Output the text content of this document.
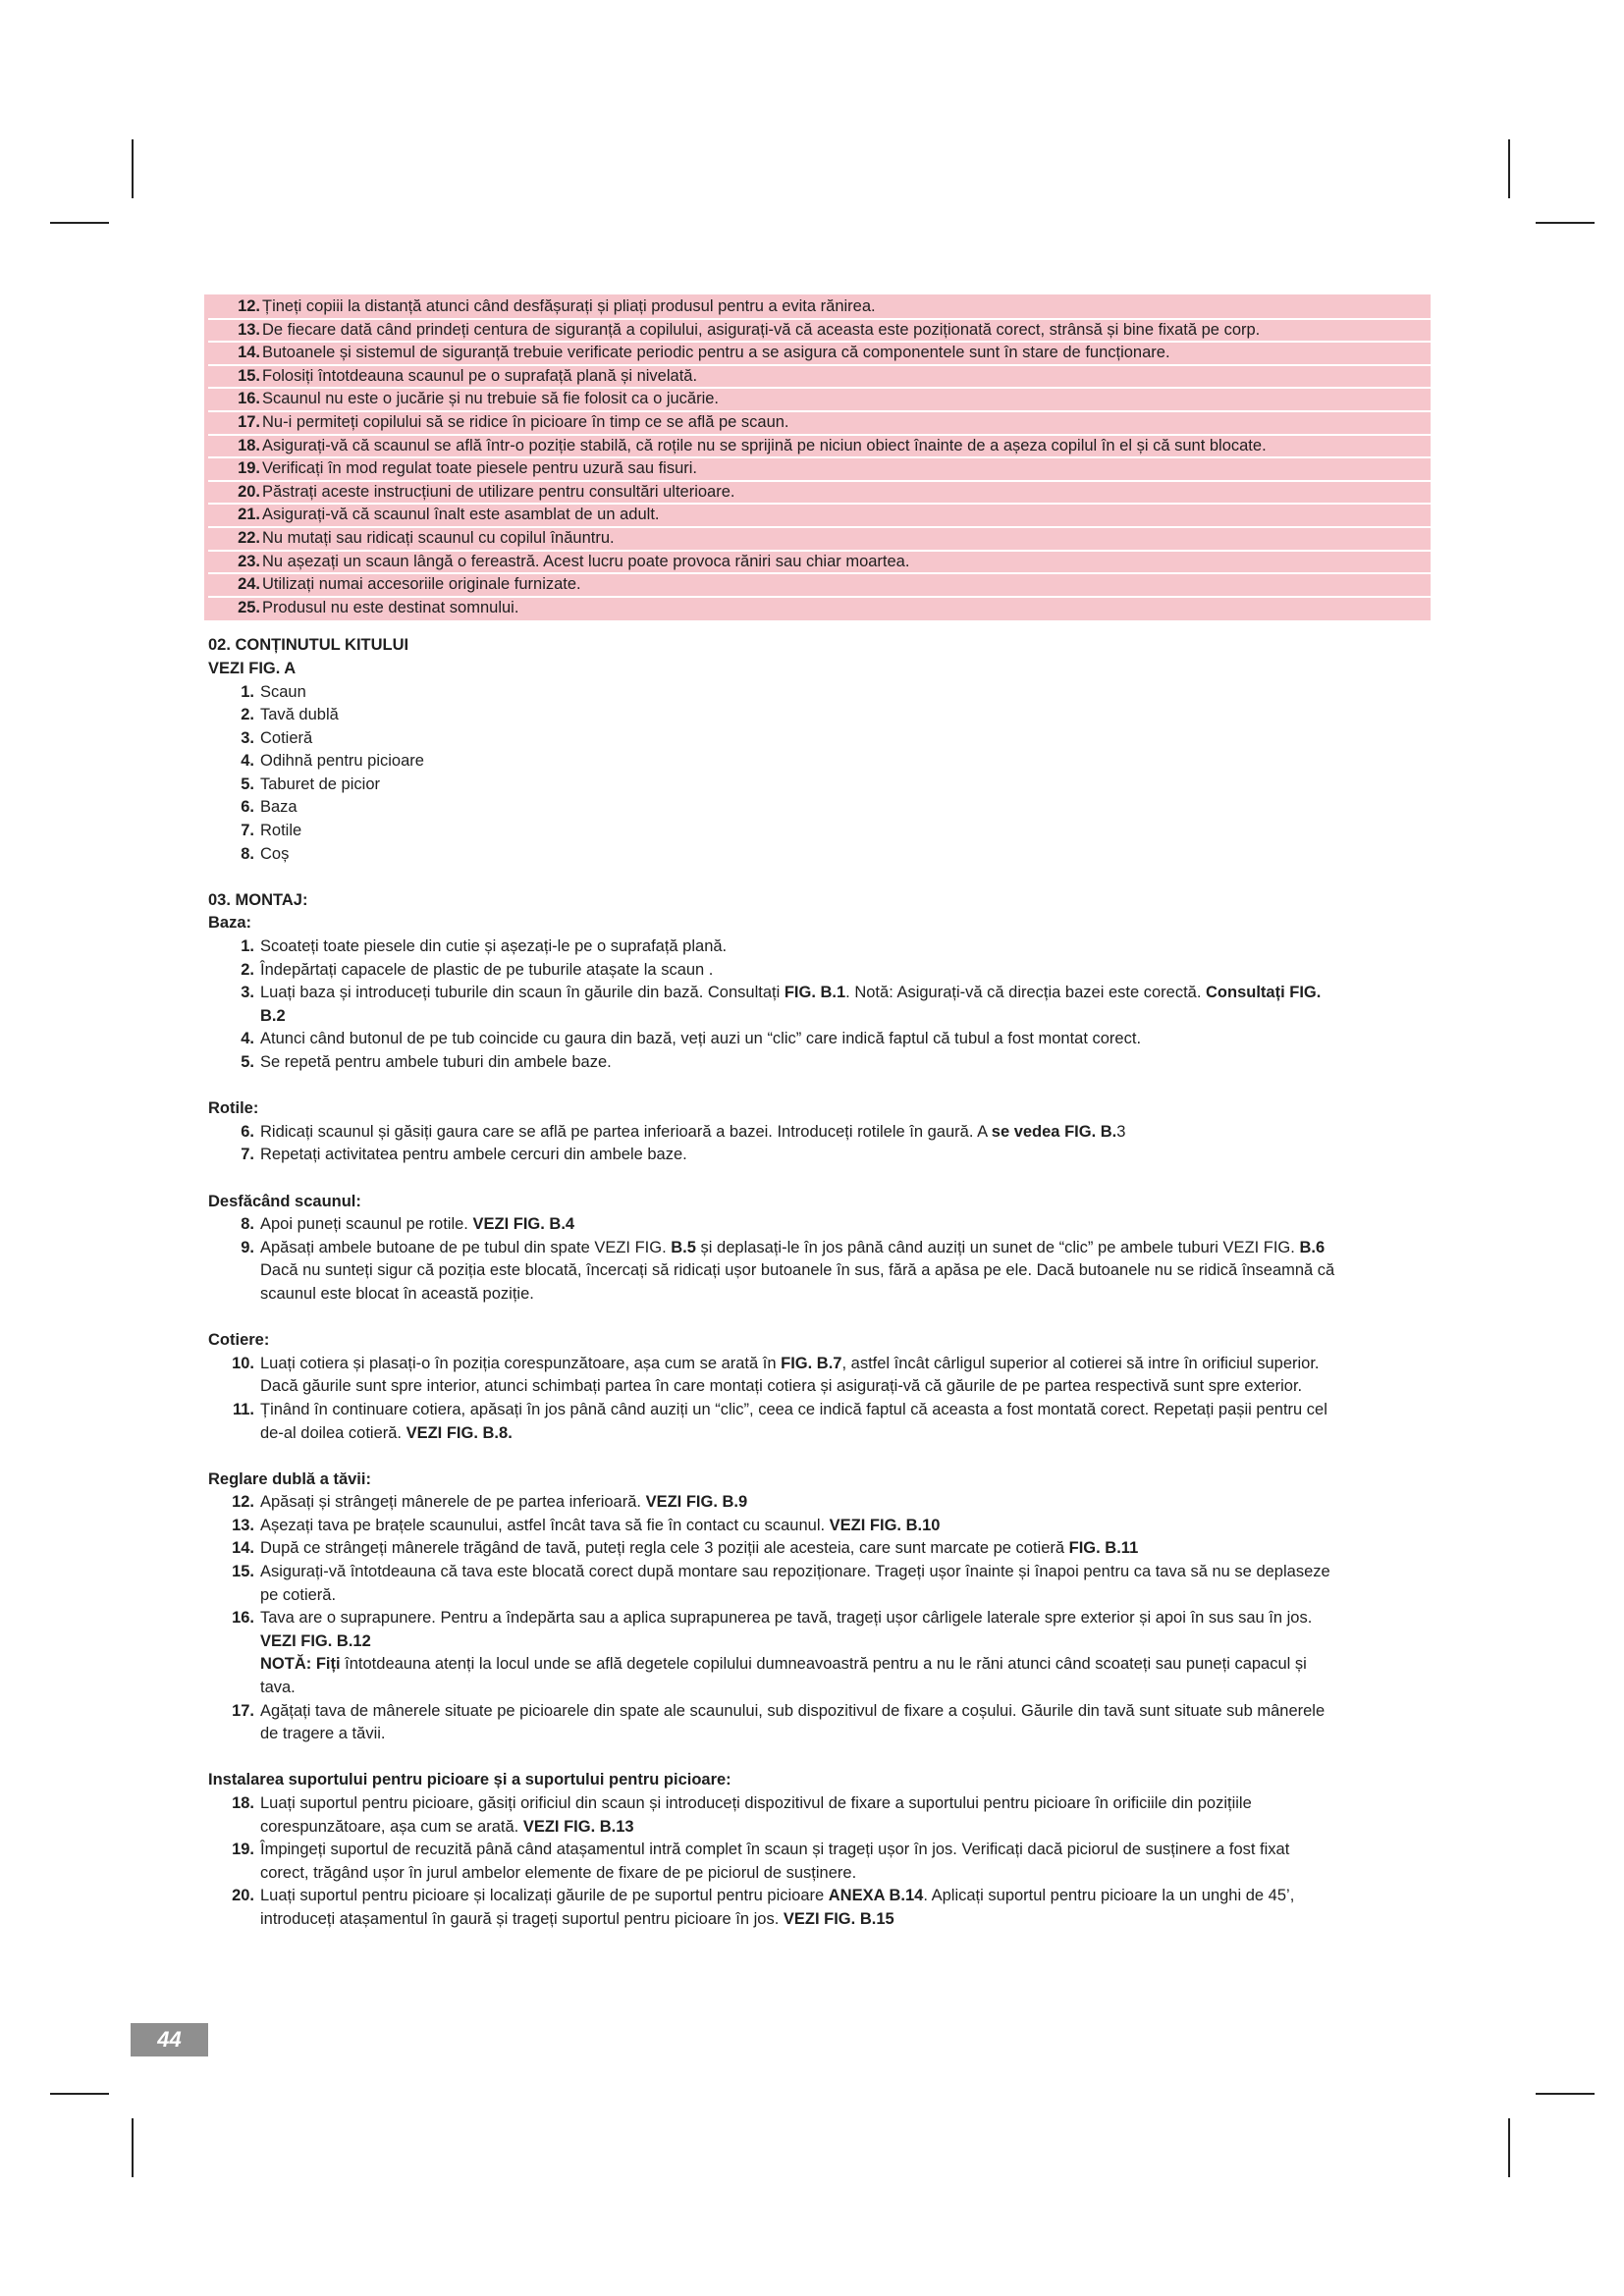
12. Țineți copiii la distanță atunci când desfășurați și pliați produsul pentru a evita rănirea.
13. De fiecare dată când prindeți centura de siguranță a copilului, asigurați-vă că aceasta este poziționată corect, strânsă și bine fixată pe corp.
14. Butoanele și sistemul de siguranță trebuie verificate periodic pentru a se asigura că componentele sunt în stare de funcționare.
15. Folosiți întotdeauna scaunul pe o suprafață plană și nivelată.
16. Scaunul nu este o jucărie și nu trebuie să fie folosit ca o jucărie.
17. Nu-i permiteți copilului să se ridice în picioare în timp ce se află pe scaun.
18. Asigurați-vă că scaunul se află într-o poziție stabilă, că roțile nu se sprijină pe niciun obiect înainte de a așeza copilul în el și că sunt blocate.
19. Verificați în mod regulat toate piesele pentru uzură sau fisuri.
20. Păstrați aceste instrucțiuni de utilizare pentru consultări ulterioare.
21. Asigurați-vă că scaunul înalt este asamblat de un adult.
22. Nu mutați sau ridicați scaunul cu copilul înăuntru.
23. Nu așezați un scaun lângă o fereastră. Acest lucru poate provoca răniri sau chiar moartea.
24. Utilizați numai accesoriile originale furnizate.
25. Produsul nu este destinat somnului.
02. CONȚINUTUL KITULUI
VEZI FIG. A
1. Scaun
2. Tavă dublă
3. Cotieră
4. Odihnă pentru picioare
5. Taburet de picior
6. Baza
7. Rotile
8. Coș
03. MONTAJ:
Baza:
1. Scoateți toate piesele din cutie și așezați-le pe o suprafață plană.
2. Îndepărtați capacele de plastic de pe tuburile atașate la scaun .
3. Luați baza și introduceți tuburile din scaun în găurile din bază. Consultați FIG. B.1. Notă: Asigurați-vă că direcția bazei este corectă. Consultați FIG.
B.2
4. Atunci când butonul de pe tub coincide cu gaura din bază, veți auzi un “clic” care indică faptul că tubul a fost montat corect.
5. Se repetă pentru ambele tuburi din ambele baze.
Rotile:
6. Ridicați scaunul și găsiți gaura care se află pe partea inferioară a bazei. Introduceți rotilele în gaură. A se vedea FIG. B.3
7. Repetați activitatea pentru ambele cercuri din ambele baze.
Desfăcând scaunul:
8. Apoi puneți scaunul pe rotile. VEZI FIG. B.4
9. Apăsați ambele butoane de pe tubul din spate VEZI FIG. B.5 și deplasați-le în jos până când auziți un sunet de “clic” pe ambele tuburi VEZI FIG. B.6
Dacă nu sunteți sigur că poziția este blocată, încercați să ridicați ușor butoanele în sus, fără a apăsa pe ele. Dacă butoanele nu se ridică înseamnă că
scaunul este blocat în această poziție.
Cotiere:
10. Luați cotiera și plasați-o în poziția corespunzătoare, așa cum se arată în FIG. B.7, astfel încât cârligul superior al cotierei să intre în orificiul superior.
Dacă găurile sunt spre interior, atunci schimbați partea în care montați cotiera și asigurați-vă că găurile de pe partea respectivă sunt spre exterior.
11. Ținând în continuare cotiera, apăsați în jos până când auziți un “clic”, ceea ce indică faptul că aceasta a fost montată corect. Repetați pașii pentru cel
de-al doilea cotieră. VEZI FIG. B.8.
Reglare dublă a tăvii:
12. Apăsați și strângeți mânerele de pe partea inferioară. VEZI FIG. B.9
13. Așezați tava pe brațele scaunului, astfel încât tava să fie în contact cu scaunul. VEZI FIG. B.10
14. După ce strângeți mânerele trăgând de tavă, puteți regla cele 3 poziții ale acesteia, care sunt marcate pe cotieră FIG. B.11
15. Asigurați-vă întotdeauna că tava este blocată corect după montare sau repoziționare. Trageți ușor înainte și înapoi pentru ca tava să nu se deplaseze
pe cotieră.
16. Tava are o suprapunere. Pentru a îndepărta sau a aplica suprapunerea pe tavă, trageți ușor cârligele laterale spre exterior și apoi în sus sau în jos.
VEZI FIG. B.12
NOTĂ: Fiți întotdeauna atenți la locul unde se află degetele copilului dumneavoastră pentru a nu le răni atunci când scoateți sau puneți capacul și
tava.
17. Agățați tava de mânerele situate pe picioarele din spate ale scaunului, sub dispozitivul de fixare a coșului. Găurile din tavă sunt situate sub mânerele
de tragere a tăvii.
Instalarea suportului pentru picioare și a suportului pentru picioare:
18. Luați suportul pentru picioare, găsiți orificiul din scaun și introduceți dispozitivul de fixare a suportului pentru picioare în orificiile din pozițiile
corespunzătoare, așa cum se arată. VEZI FIG. B.13
19. Împingeți suportul de recuzită până când atașamentul intră complet în scaun și trageți ușor în jos. Verificați dacă piciorul de susținere a fost fixat
corect, trăgând ușor în jurul ambelor elemente de fixare de pe piciorul de susținere.
20. Luați suportul pentru picioare și localizați găurile de pe suportul pentru picioare ANEXA B.14. Aplicați suportul pentru picioare la un unghi de 45’,
introduceți atașamentul în gaură și trageți suportul pentru picioare în jos. VEZI FIG. B.15
44
